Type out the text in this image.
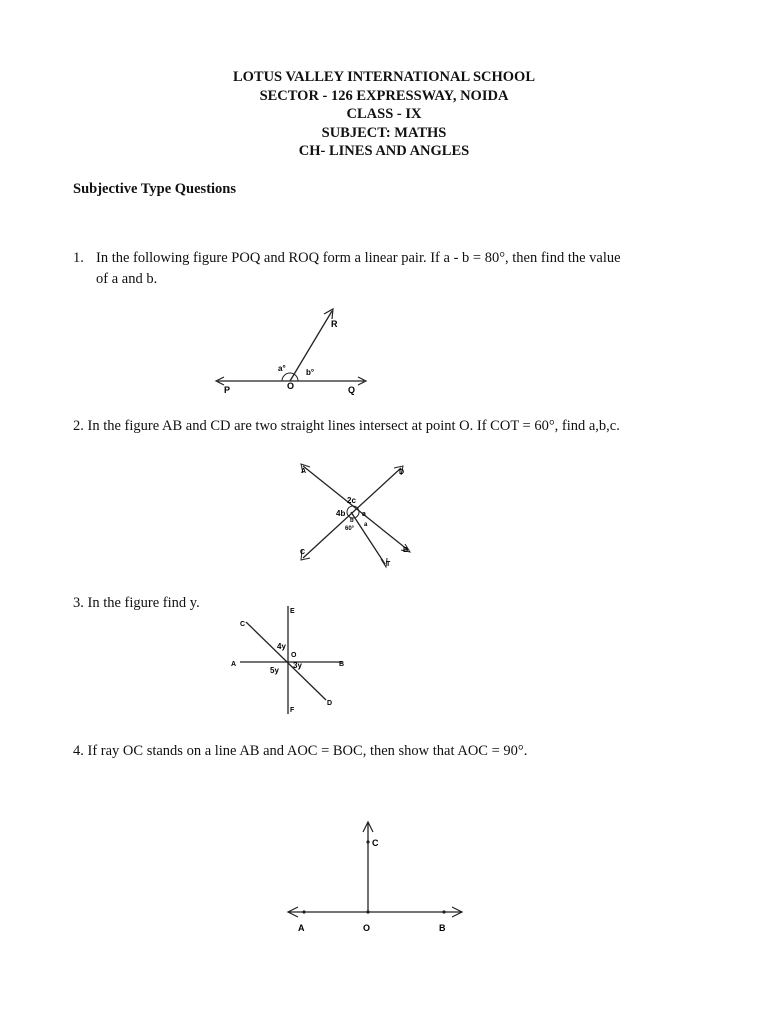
LOTUS VALLEY INTERNATIONAL SCHOOL
SECTOR - 126 EXPRESSWAY, NOIDA
CLASS - IX
SUBJECT: MATHS
CH- LINES AND ANGLES
Subjective Type Questions
1. In the following figure POQ and ROQ form a linear pair. If a - b = 80°, then find the value
of a and b.
P	O	Q
R
a°	b°
2. In the figure AB and CD are two straight lines intersect at point O. If COT = 60°, find a,b,c.
A	D
C	B
T
2c
4b a
b
a
60°
3. In the figure find y.
E
C
A	B
F
D
O
4y
3y
5y
4. If ray OC stands on a line AB and AOC = BOC, then show that AOC = 90°.
C
A	O	B
